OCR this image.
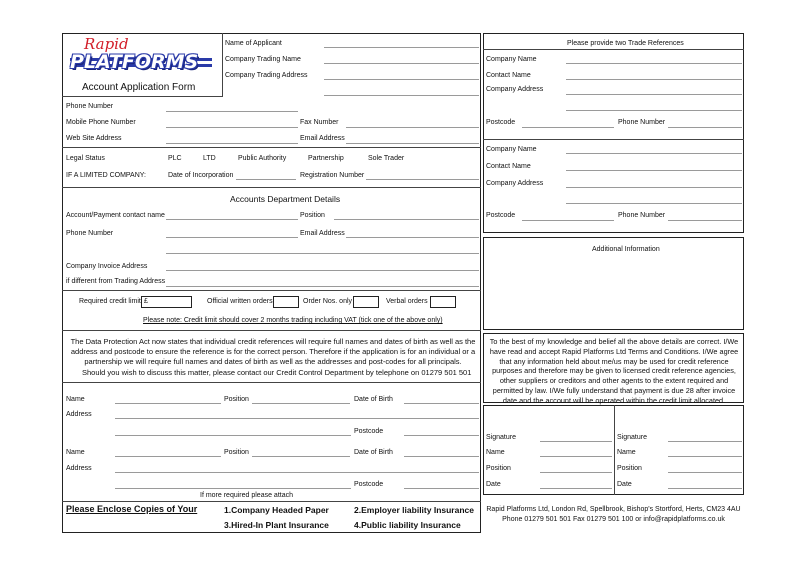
Rapid
PLATFORMS
Account Application Form
Name of Applicant
Company Trading Name
Company Trading Address
Phone Number
Mobile Phone Number	Fax Number
Web Site Address	Email Address
Legal Status	PLC	LTD	Public Authority	Partnership	Sole Trader
IF A LIMITED COMPANY:	Date of Incorporation	Registration Number
Accounts Department Details
Account/Payment contact name	Position
Phone Number	Email Address
Company Invoice Address
if different from Trading Address
Required credit limit £	Official written orders	Order Nos. only	Verbal orders
Please note: Credit limit should cover 2 months trading including VAT (tick one of the above only)
The Data Protection Act now states that individual credit references will require full names and dates of birth as well as the address and postcode to ensure the reference is for the correct person. Therefore if the application is for an individual or a partnership we will require full names and dates of birth as well as the addresses and post-codes for all principals.
Should you wish to discuss this matter, please contact our Credit Control Department by telephone on 01279 501 501
Name	Position	Date of Birth
Address
Postcode
Name	Position	Date of Birth
Address
Postcode
If more required please attach
Please Enclose Copies of Your	1.Company Headed Paper	2.Employer liability Insurance
3.Hired-In Plant Insurance	4.Public liability Insurance
Please provide two Trade References
Company Name
Contact Name
Company Address
Postcode	Phone Number
Company Name
Contact Name
Company Address
Postcode	Phone Number
Additional Information
To the best of my knowledge and belief all the above details are correct. I/We have read and accept Rapid Platforms Ltd Terms and Conditions. I/We agree that any information held about me/us may be used for credit reference purposes and therefore may be given to licensed credit reference agencies, other suppliers or creditors and other agents to the extent required and permitted by law. I/We fully understand that payment is due 28 after invoice date and the account will be operated within the credit limit allocated.
Signature
Name
Position
Date
Signature
Name
Position
Date
Rapid Platforms Ltd, London Rd, Spellbrook, Bishop's Stortford, Herts, CM23 4AU
Phone 01279 501 501 Fax 01279 501 100 or info@rapidplatforms.co.uk
